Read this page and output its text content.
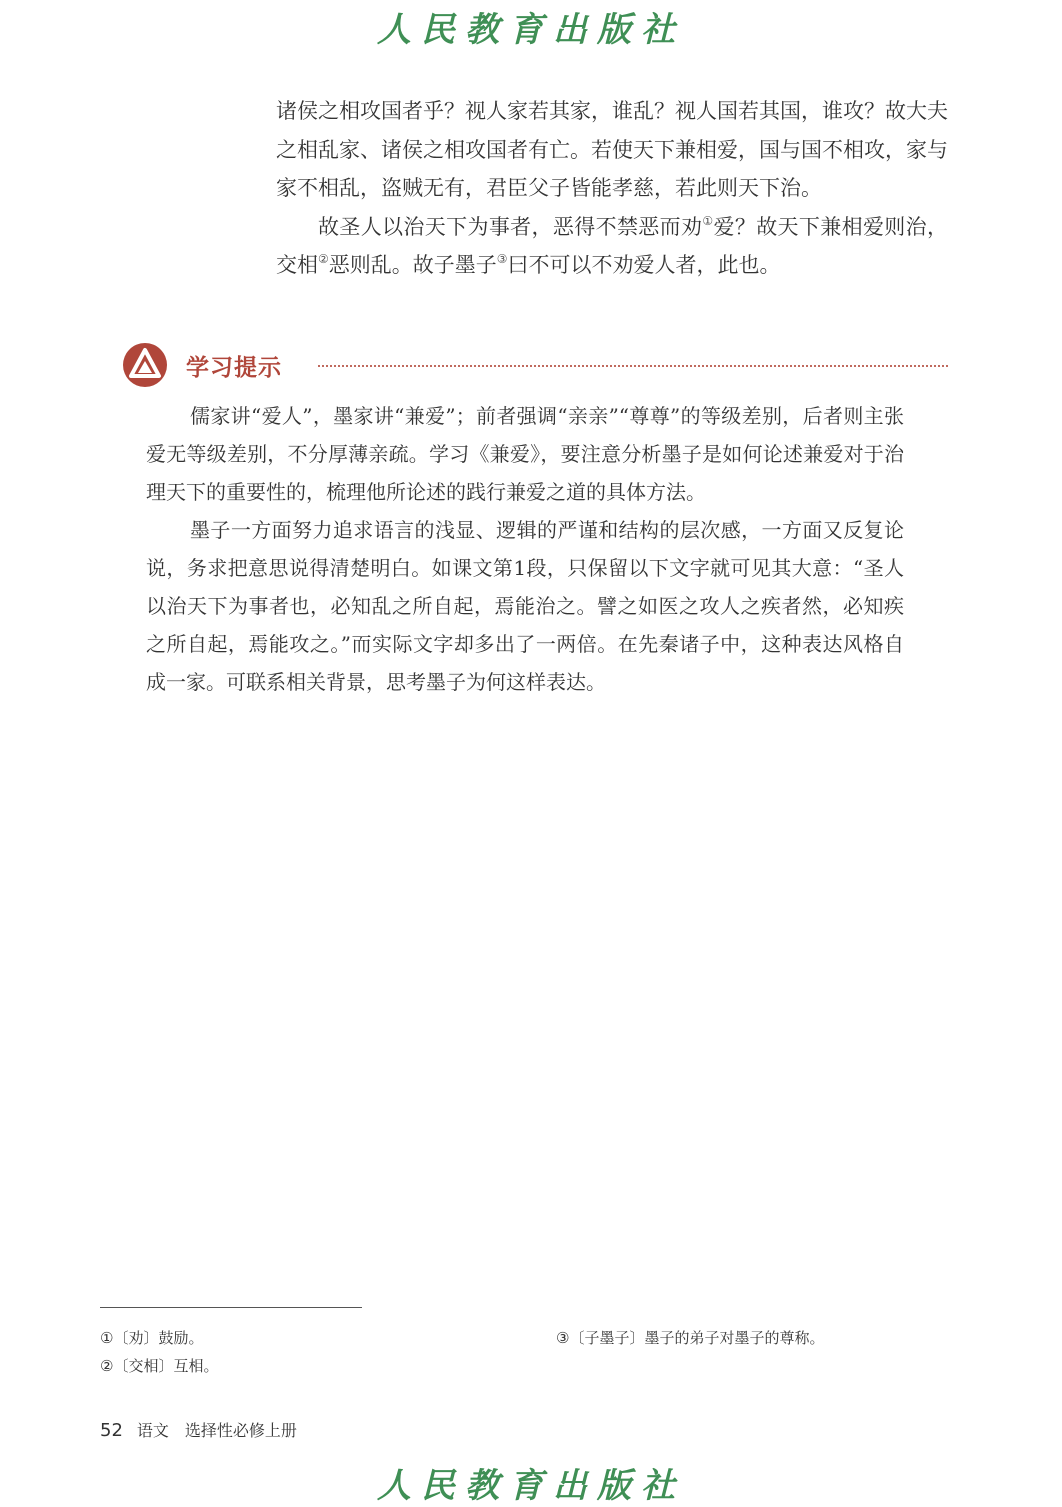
人民教育出版社

诸侯之相攻国者乎？视人家若其家，谁乱？视人国若其国，谁攻？故大夫之相乱家、诸侯之相攻国者有亡。若使天下兼相爱，国与国不相攻，家与家不相乱，盗贼无有，君臣父子皆能孝慈，若此则天下治。

故圣人以治天下为事者，恶得不禁恶而劝①爱？故天下兼相爱则治，交相②恶则乱。故子墨子③曰不可以不劝爱人者，此也。

学习提示

儒家讲“爱人”，墨家讲“兼爱”；前者强调“亲亲”“尊尊”的等级差别，后者则主张爱无等级差别，不分厚薄亲疏。学习《兼爱》，要注意分析墨子是如何论述兼爱对于治理天下的重要性的，梳理他所论述的践行兼爱之道的具体方法。

墨子一方面努力追求语言的浅显、逻辑的严谨和结构的层次感，一方面又反复论说，务求把意思说得清楚明白。如课文第1段，只保留以下文字就可见其大意：“圣人以治天下为事者也，必知乱之所自起，焉能治之。譬之如医之攻人之疾者然，必知疾之所自起，焉能攻之。”而实际文字却多出了一两倍。在先秦诸子中，这种表达风格自成一家。可联系相关背景，思考墨子为何这样表达。

①〔劝〕鼓励。
②〔交相〕互相。
③〔子墨子〕墨子的弟子对墨子的尊称。
52 语文 选择性必修上册
人民教育出版社
